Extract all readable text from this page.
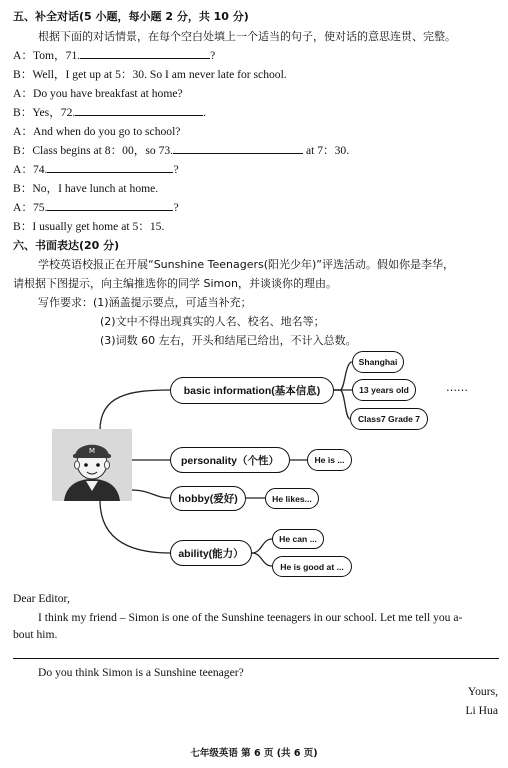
五、补全对话(5 小题，每小题 2 分，共 10 分)
根据下面的对话情景，在每个空白处填上一个适当的句子，使对话的意思连贯、完整。
A：Tom，71.	?
B：Well，I get up at 5：30. So I am never late for school.
A：Do you have breakfast at home?
B：Yes，72.	.
A：And when do you go to school?
B：Class begins at 8：00，so 73.	at 7：30.
A：74.	?
B：No，I have lunch at home.
A：75.	?
B：I usually get home at 5：15.
六、书面表达(20 分)
学校英语校报正在开展“Sunshine Teenagers(阳光少年)”评选活动。假如你是李华，
请根据下图提示，向主编推选你的同学 Simon，并谈谈你的理由。
写作要求：(1)涵盖提示要点，可适当补充；
(2)文中不得出现真实的人名、校名、地名等；
(3)词数 60 左右，开头和结尾已给出，不计入总数。
M
basic information(基本信息)
Shanghai
13 years old
Class7 Grade 7
……
personality（个性）	He is ...
hobby(爱好)	He likes...
ability(能力）
He can ...
He is good at ...
Dear Editor,
I think my friend – Simon is one of the Sunshine teenagers in our school. Let me tell you a-
bout him.
Do you think Simon is a Sunshine teenager?
Yours,
Li Hua
七年级英语 第 6 页 (共 6 页)
